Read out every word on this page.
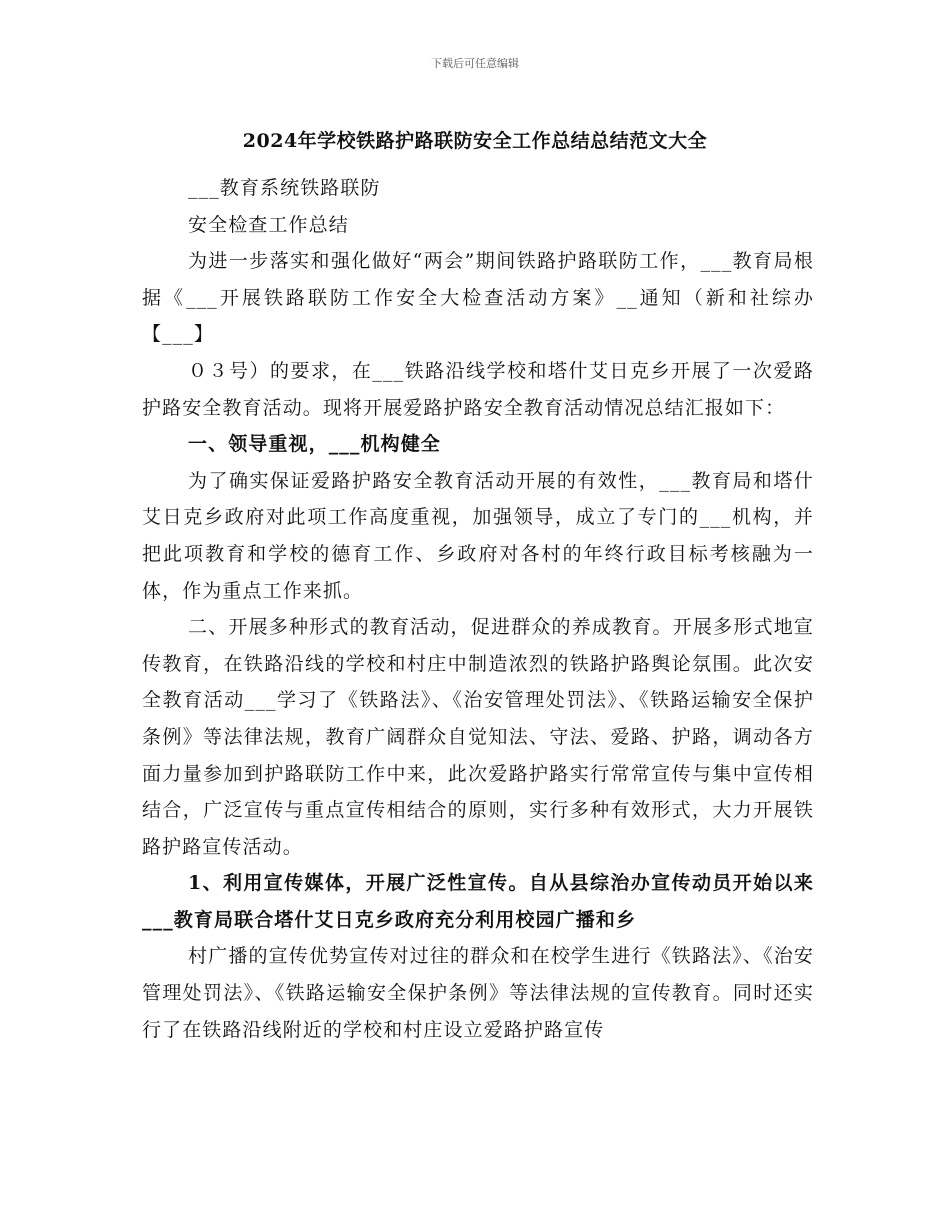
下载后可任意编辑
2024年学校铁路护路联防安全工作总结总结范文大全

___教育系统铁路联防

安全检查工作总结

为进一步落实和强化做好“两会”期间铁路护路联防工作，___教育局根据《___开展铁路联防工作安全大检查活动方案》__通知（新和社综办【___】

０３号）的要求，在___铁路沿线学校和塔什艾日克乡开展了一次爱路护路安全教育活动。现将开展爱路护路安全教育活动情况总结汇报如下：

一、领导重视，___机构健全

为了确实保证爱路护路安全教育活动开展的有效性，___教育局和塔什艾日克乡政府对此项工作高度重视，加强领导，成立了专门的___机构，并把此项教育和学校的德育工作、乡政府对各村的年终行政目标考核融为一体，作为重点工作来抓。

二、开展多种形式的教育活动，促进群众的养成教育。开展多形式地宣传教育，在铁路沿线的学校和村庄中制造浓烈的铁路护路舆论氛围。此次安全教育活动___学习了《铁路法》、《治安管理处罚法》、《铁路运输安全保护条例》等法律法规，教育广阔群众自觉知法、守法、爱路、护路，调动各方面力量参加到护路联防工作中来，此次爱路护路实行常常宣传与集中宣传相结合，广泛宣传与重点宣传相结合的原则，实行多种有效形式，大力开展铁路护路宣传活动。

1、利用宣传媒体，开展广泛性宣传。自从县综治办宣传动员开始以来___教育局联合塔什艾日克乡政府充分利用校园广播和乡

村广播的宣传优势宣传对过往的群众和在校学生进行《铁路法》、《治安管理处罚法》、《铁路运输安全保护条例》等法律法规的宣传教育。同时还实行了在铁路沿线附近的学校和村庄设立爱路护路宣传
